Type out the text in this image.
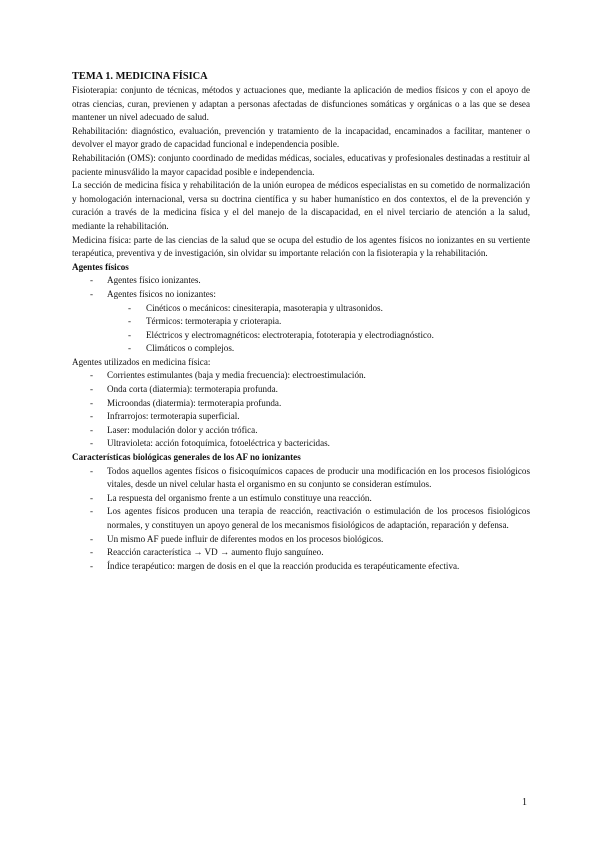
TEMA 1. MEDICINA FÍSICA

Fisioterapia: conjunto de técnicas, métodos y actuaciones que, mediante la aplicación de medios físicos y con el apoyo de otras ciencias, curan, previenen y adaptan a personas afectadas de disfunciones somáticas y orgánicas o a las que se desea mantener un nivel adecuado de salud.

Rehabilitación: diagnóstico, evaluación, prevención y tratamiento de la incapacidad, encaminados a facilitar, mantener o devolver el mayor grado de capacidad funcional e independencia posible.

Rehabilitación (OMS): conjunto coordinado de medidas médicas, sociales, educativas y profesionales destinadas a restituir al paciente minusválido la mayor capacidad posible e independencia.

La sección de medicina física y rehabilitación de la unión europea de médicos especialistas en su cometido de normalización y homologación internacional, versa su doctrina científica y su haber humanístico en dos contextos, el de la prevención y curación a través de la medicina física y el del manejo de la discapacidad, en el nivel terciario de atención a la salud, mediante la rehabilitación.

Medicina física: parte de las ciencias de la salud que se ocupa del estudio de los agentes físicos no ionizantes en su vertiente terapéutica, preventiva y de investigación, sin olvidar su importante relación con la fisioterapia y la rehabilitación.

Agentes físicos

- Agentes físico ionizantes.
- Agentes físicos no ionizantes:
- Cinéticos o mecánicos: cinesiterapia, masoterapia y ultrasonidos.
- Térmicos: termoterapia y crioterapia.
- Eléctricos y electromagnéticos: electroterapia, fototerapia y electrodiagnóstico.
- Climáticos o complejos.

Agentes utilizados en medicina física:

- Corrientes estimulantes (baja y media frecuencia): electroestimulación.
- Onda corta (diatermia): termoterapia profunda.
- Microondas (diatermia): termoterapia profunda.
- Infrarrojos: termoterapia superficial.
- Laser: modulación dolor y acción trófica.
- Ultravioleta: acción fotoquímica, fotoeléctrica y bactericidas.

Características biológicas generales de los AF no ionizantes

- Todos aquellos agentes físicos o fisicoquímicos capaces de producir una modificación en los procesos fisiológicos vitales, desde un nivel celular hasta el organismo en su conjunto se consideran estímulos.
- La respuesta del organismo frente a un estímulo constituye una reacción.
- Los agentes físicos producen una terapia de reacción, reactivación o estimulación de los procesos fisiológicos normales, y constituyen un apoyo general de los mecanismos fisiológicos de adaptación, reparación y defensa.
- Un mismo AF puede influir de diferentes modos en los procesos biológicos.
- Reacción característica → VD → aumento flujo sanguíneo.
- Índice terapéutico: margen de dosis en el que la reacción producida es terapéuticamente efectiva.
1
